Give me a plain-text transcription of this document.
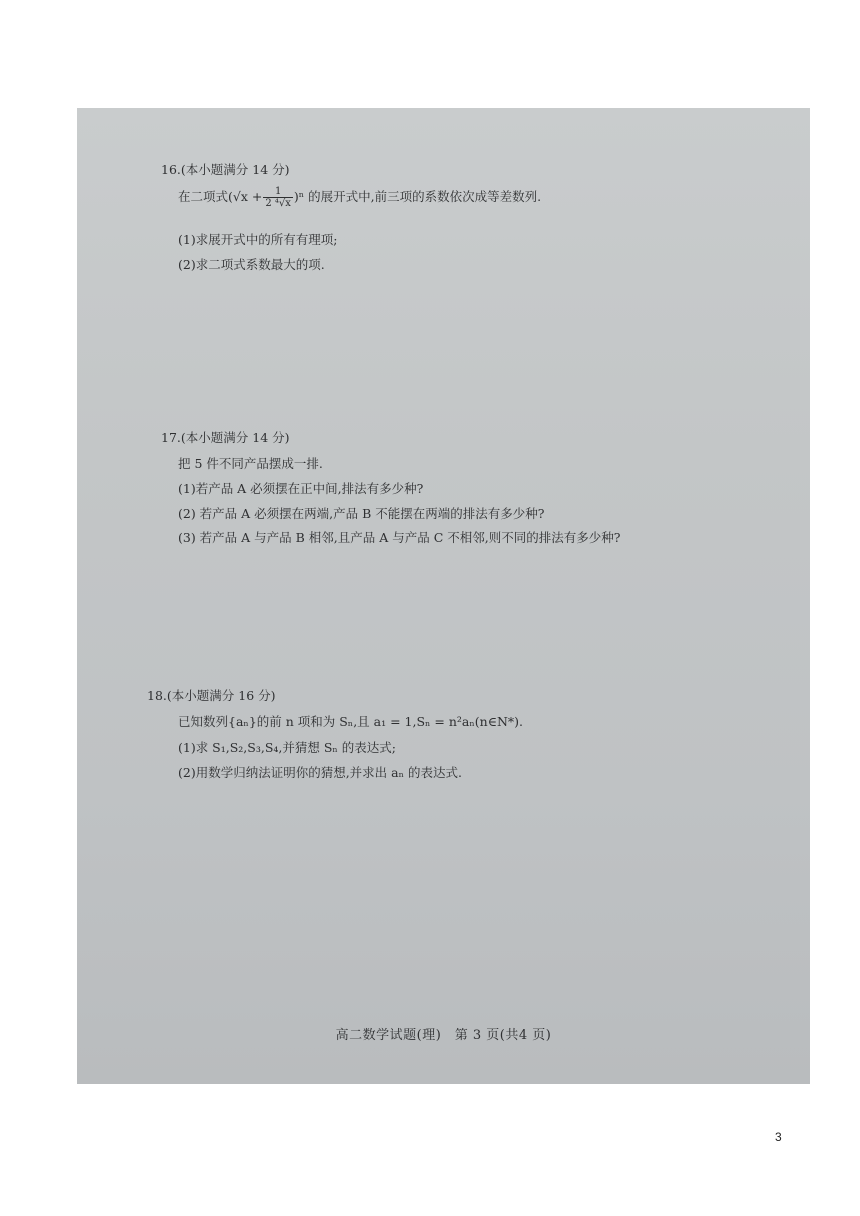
16.(本小题满分 14 分)
在二项式$(√x + \frac{1}{\text{2 ⁴√x}} )^n$ 的展开式中,前三项的系数依次成等差数列.
(1)求展开式中的所有有理项;
(2)求二项式系数最大的项.
17.(本小题满分 14 分)
把 5 件不同产品摆成一排.
(1)若产品 A 必须摆在正中间,排法有多少种?
(2) 若产品 A 必须摆在两端,产品 B 不能摆在两端的排法有多少种?
(3) 若产品 A 与产品 B 相邻,且产品 A 与产品 C 不相邻,则不同的排法有多少种?
18.(本小题满分 16 分)
已知数列{aₙ}的前 n 项和为 Sₙ,且 a₁ = 1,Sₙ = n²aₙ(n∈N*).
(1)求 S₁,S₂,S₃,S₄,并猜想 Sₙ 的表达式;
(2)用数学归纳法证明你的猜想,并求出 aₙ 的表达式.
高二数学试题(理)　第 3 页(共4 页)
3
